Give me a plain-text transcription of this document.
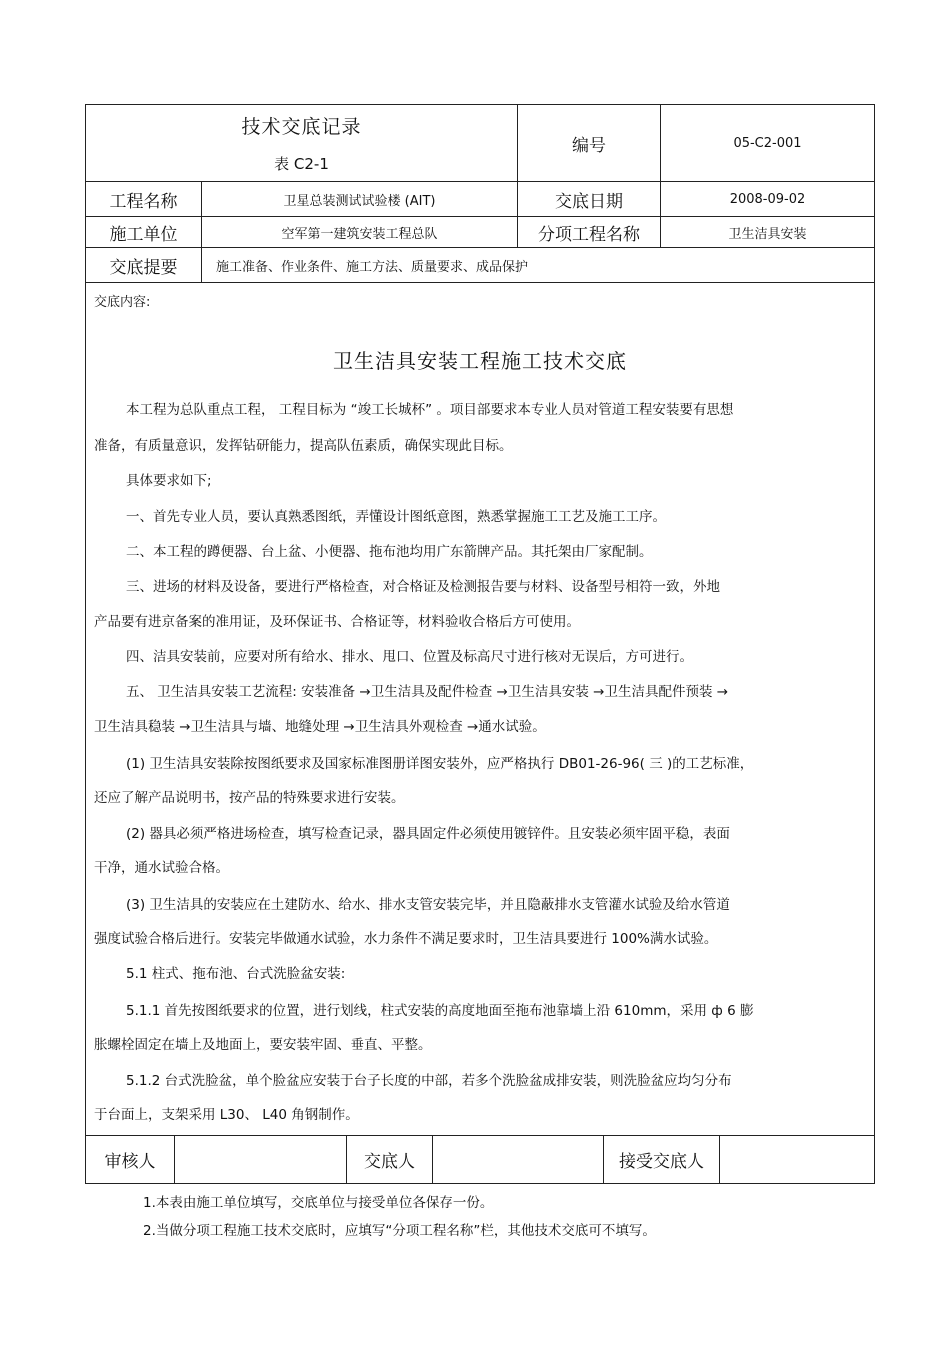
技术交底记录
表 C2-1
编号	05-C2-001
工程名称	卫星总装测试试验楼 (AIT)	交底日期	2008-09-02
施工单位	空军第一建筑安装工程总队	分项工程名称	卫生洁具安装
交底提要	施工准备、作业条件、施工方法、质量要求、成品保护
交底内容:
卫生洁具安装工程施工技术交底
本工程为总队重点工程， 工程目标为 “竣工长城杯” 。项目部要求本专业人员对管道工程安装要有思想
准备，有质量意识，发挥钻研能力，提高队伍素质，确保实现此目标。
具体要求如下;
一、首先专业人员，要认真熟悉图纸，弄懂设计图纸意图，熟悉掌握施工工艺及施工工序。
二、本工程的蹲便器、台上盆、小便器、拖布池均用广东箭牌产品。其托架由厂家配制。
三、进场的材料及设备，要进行严格检查，对合格证及检测报告要与材料、设备型号相符一致，外地
产品要有进京备案的准用证，及环保证书、合格证等，材料验收合格后方可使用。
四、洁具安装前，应要对所有给水、排水、甩口、位置及标高尺寸进行核对无误后，方可进行。
五、 卫生洁具安装工艺流程: 安装准备 →卫生洁具及配件检查 →卫生洁具安装 →卫生洁具配件预装 →
卫生洁具稳装 →卫生洁具与墙、地缝处理 →卫生洁具外观检查 →通水试验。
(1) 卫生洁具安装除按图纸要求及国家标准图册详图安装外，应严格执行 DB01-26-96( 三 )的工艺标准，
还应了解产品说明书，按产品的特殊要求进行安装。
(2) 器具必须严格进场检查，填写检查记录，器具固定件必须使用镀锌件。且安装必须牢固平稳，表面
干净，通水试验合格。
(3) 卫生洁具的安装应在土建防水、给水、排水支管安装完毕，并且隐蔽排水支管灌水试验及给水管道
强度试验合格后进行。安装完毕做通水试验，水力条件不满足要求时，卫生洁具要进行 100%满水试验。
5.1 柱式、拖布池、台式洗脸盆安装:
5.1.1 首先按图纸要求的位置，进行划线，柱式安装的高度地面至拖布池靠墙上沿 610mm，采用 ф 6 膨
胀螺栓固定在墙上及地面上，要安装牢固、垂直、平整。
5.1.2 台式洗脸盆，单个脸盆应安装于台子长度的中部，若多个洗脸盆成排安装，则洗脸盆应均匀分布
于台面上，支架采用 L30、 L40 角钢制作。
审核人	交底人	接受交底人
1.本表由施工单位填写，交底单位与接受单位各保存一份。
2.当做分项工程施工技术交底时，应填写“分项工程名称”栏，其他技术交底可不填写。
